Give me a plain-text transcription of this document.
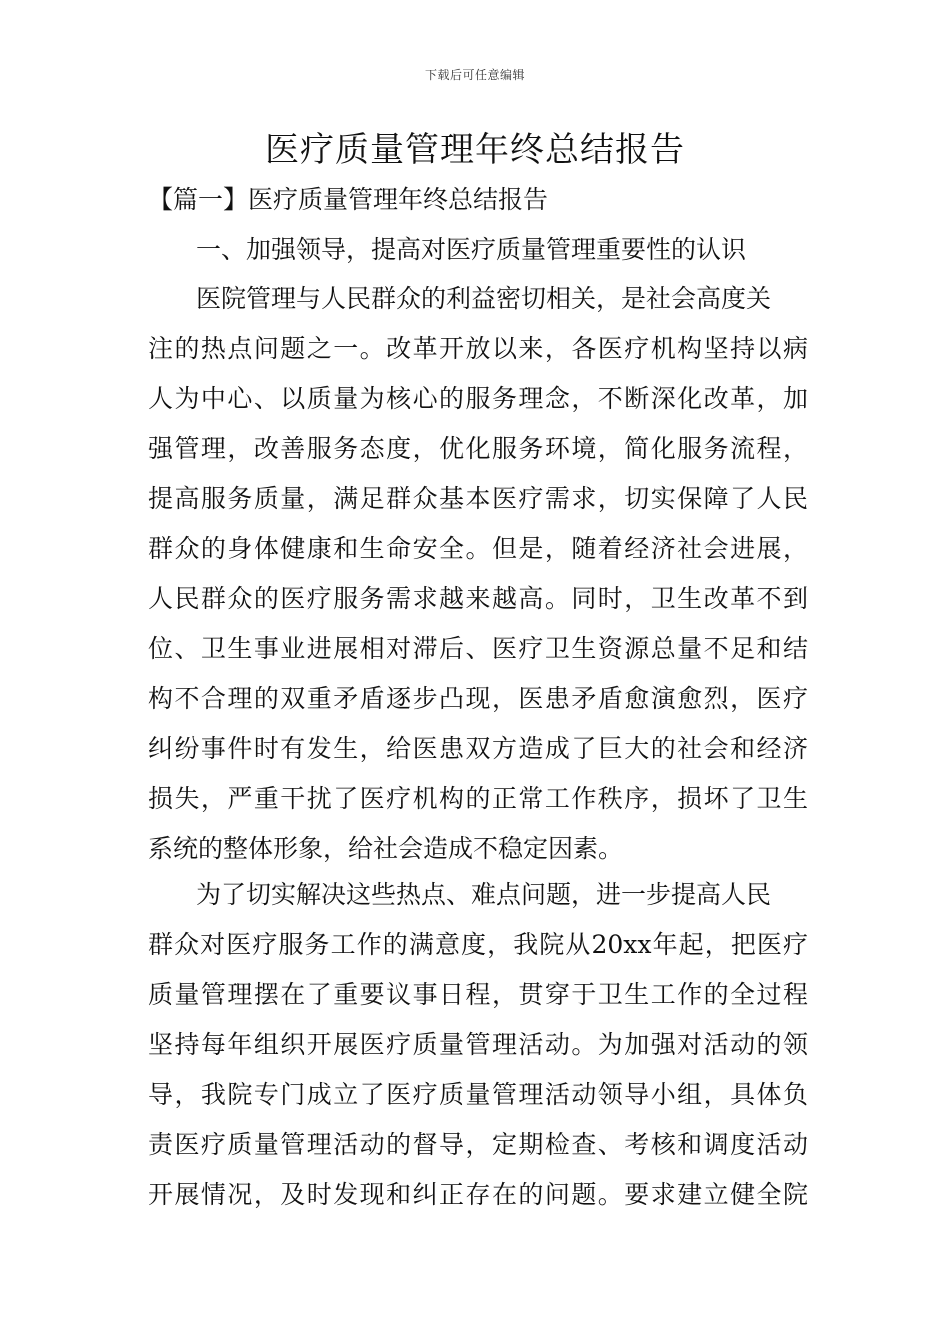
下载后可任意编辑
医疗质量管理年终总结报告
【篇一】医疗质量管理年终总结报告
一、加强领导，提高对医疗质量管理重要性的认识
医院管理与人民群众的利益密切相关，是社会高度关
注的热点问题之一。改革开放以来，各医疗机构坚持以病
人为中心、以质量为核心的服务理念，不断深化改革，加
强管理，改善服务态度，优化服务环境，简化服务流程，
提高服务质量，满足群众基本医疗需求，切实保障了人民
群众的身体健康和生命安全。但是，随着经济社会进展，
人民群众的医疗服务需求越来越高。同时，卫生改革不到
位、卫生事业进展相对滞后、医疗卫生资源总量不足和结
构不合理的双重矛盾逐步凸现，医患矛盾愈演愈烈，医疗
纠纷事件时有发生，给医患双方造成了巨大的社会和经济
损失，严重干扰了医疗机构的正常工作秩序，损坏了卫生
系统的整体形象，给社会造成不稳定因素。
为了切实解决这些热点、难点问题，进一步提高人民
群众对医疗服务工作的满意度，我院从20xx年起，把医疗
质量管理摆在了重要议事日程，贯穿于卫生工作的全过程
坚持每年组织开展医疗质量管理活动。为加强对活动的领
导，我院专门成立了医疗质量管理活动领导小组，具体负
责医疗质量管理活动的督导，定期检查、考核和调度活动
开展情况，及时发现和纠正存在的问题。要求建立健全院
